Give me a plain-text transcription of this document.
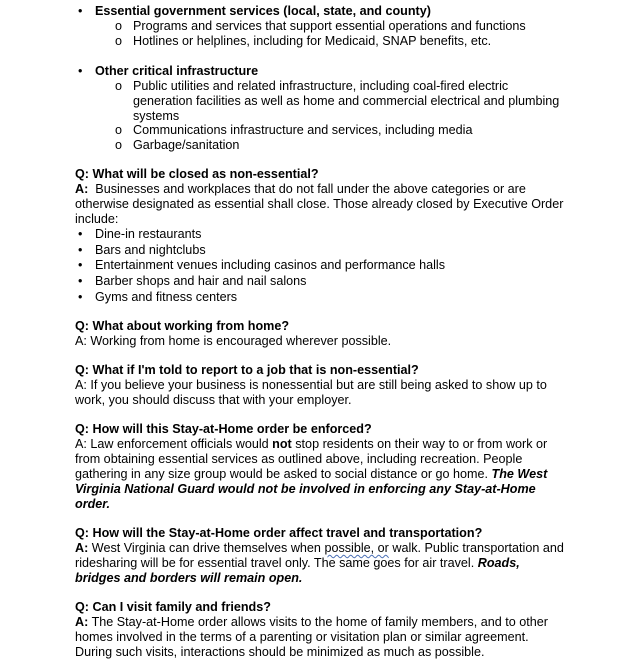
• Essential government services (local, state, and county)
o Programs and services that support essential operations and functions
o Hotlines or helplines, including for Medicaid, SNAP benefits, etc.
• Other critical infrastructure
o Public utilities and related infrastructure, including coal-fired electric
generation facilities as well as home and commercial electrical and plumbing
systems
o Communications infrastructure and services, including media
o Garbage/sanitation
Q: What will be closed as non-essential?
A:  Businesses and workplaces that do not fall under the above categories or are
otherwise designated as essential shall close. Those already closed by Executive Order
include:
• Dine-in restaurants
• Bars and nightclubs
• Entertainment venues including casinos and performance halls
• Barber shops and hair and nail salons
• Gyms and fitness centers
Q: What about working from home?
A: Working from home is encouraged wherever possible.
Q: What if I'm told to report to a job that is non-essential?
A: If you believe your business is nonessential but are still being asked to show up to
work, you should discuss that with your employer.
Q: How will this Stay-at-Home order be enforced?
A: Law enforcement officials would not stop residents on their way to or from work or
from obtaining essential services as outlined above, including recreation. People
gathering in any size group would be asked to social distance or go home. The West
Virginia National Guard would not be involved in enforcing any Stay-at-Home
order.
Q: How will the Stay-at-Home order affect travel and transportation?
A: West Virginia can drive themselves when possible, or walk. Public transportation and
ridesharing will be for essential travel only. The same goes for air travel. Roads,
bridges and borders will remain open.
Q: Can I visit family and friends?
A: The Stay-at-Home order allows visits to the home of family members, and to other
homes involved in the terms of a parenting or visitation plan or similar agreement.
During such visits, interactions should be minimized as much as possible.
